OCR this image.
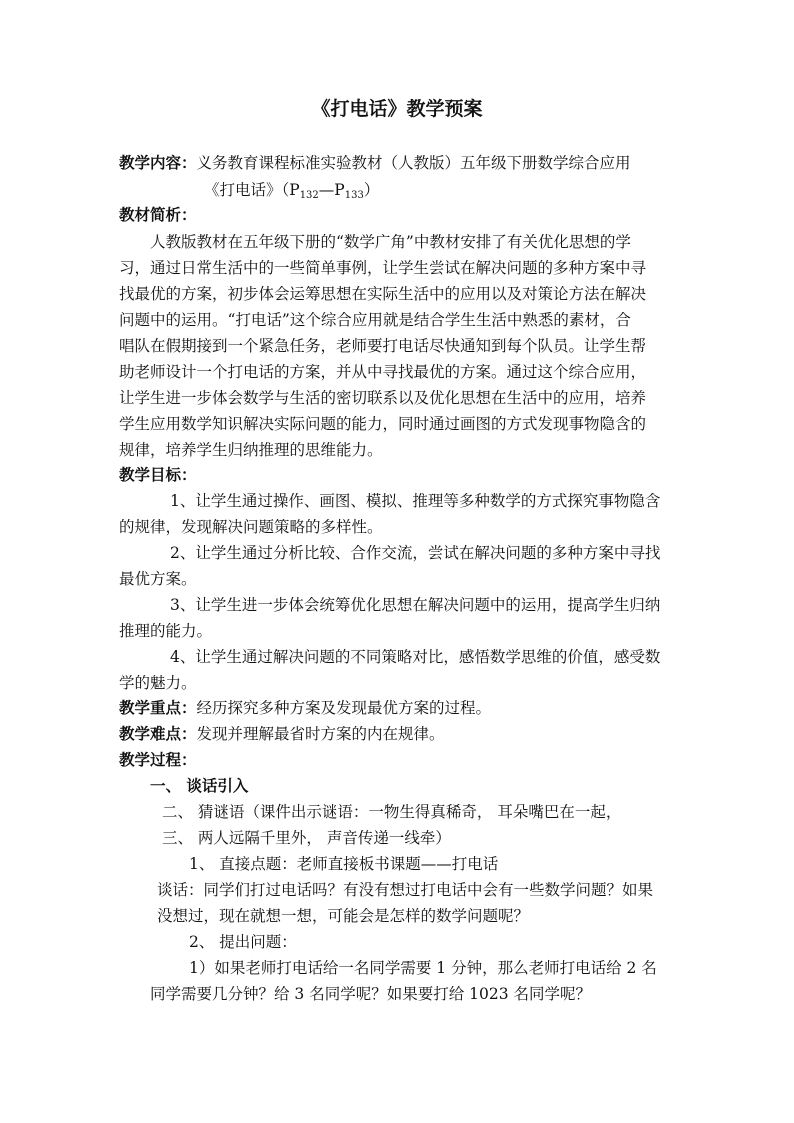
《打电话》教学预案
教学内容：义务教育课程标准实验教材（人教版）五年级下册数学综合应用
《打电话》$(P_{132}—P_{133})$
教材简析：
人教版教材在五年级下册的“数学广角”中教材安排了有关优化思想的学
习，通过日常生活中的一些简单事例，让学生尝试在解决问题的多种方案中寻
找最优的方案，初步体会运筹思想在实际生活中的应用以及对策论方法在解决
问题中的运用。“打电话”这个综合应用就是结合学生生活中熟悉的素材，合
唱队在假期接到一个紧急任务，老师要打电话尽快通知到每个队员。让学生帮
助老师设计一个打电话的方案，并从中寻找最优的方案。通过这个综合应用，
让学生进一步体会数学与生活的密切联系以及优化思想在生活中的应用，培养
学生应用数学知识解决实际问题的能力，同时通过画图的方式发现事物隐含的
规律，培养学生归纳推理的思维能力。
教学目标：
1、让学生通过操作、画图、模拟、推理等多种数学的方式探究事物隐含
的规律，发现解决问题策略的多样性。
2、让学生通过分析比较、合作交流，尝试在解决问题的多种方案中寻找
最优方案。
3、让学生进一步体会统筹优化思想在解决问题中的运用，提高学生归纳
推理的能力。
4、让学生通过解决问题的不同策略对比，感悟数学思维的价值，感受数
学的魅力。
教学重点：经历探究多种方案及发现最优方案的过程。
教学难点：发现并理解最省时方案的内在规律。
教学过程：
一、 谈话引入
二、 猜谜语（课件出示谜语：一物生得真稀奇， 耳朵嘴巴在一起，
三、 两人远隔千里外， 声音传递一线牵）
1、 直接点题：老师直接板书课题——打电话
谈话：同学们打过电话吗？有没有想过打电话中会有一些数学问题？如果
没想过，现在就想一想，可能会是怎样的数学问题呢？
2、 提出问题：
1）如果老师打电话给一名同学需要 1 分钟，那么老师打电话给 2 名
同学需要几分钟？给 3 名同学呢？如果要打给 1023 名同学呢？
